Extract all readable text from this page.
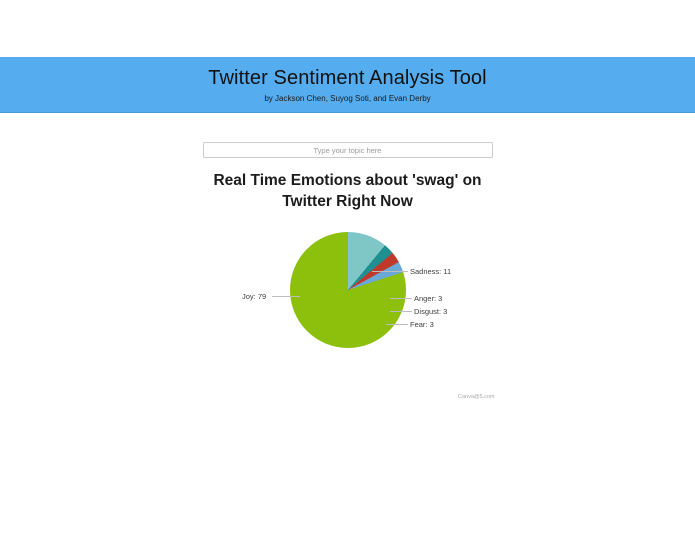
Twitter Sentiment Analysis Tool
by Jackson Chen, Suyog Soti, and Evan Derby
Type your topic here
Real Time Emotions about 'swag' on
Twitter Right Now
Sadness: 11
Anger: 3
Disgust: 3
Fear: 3
Joy: 79
Canva@5.com
